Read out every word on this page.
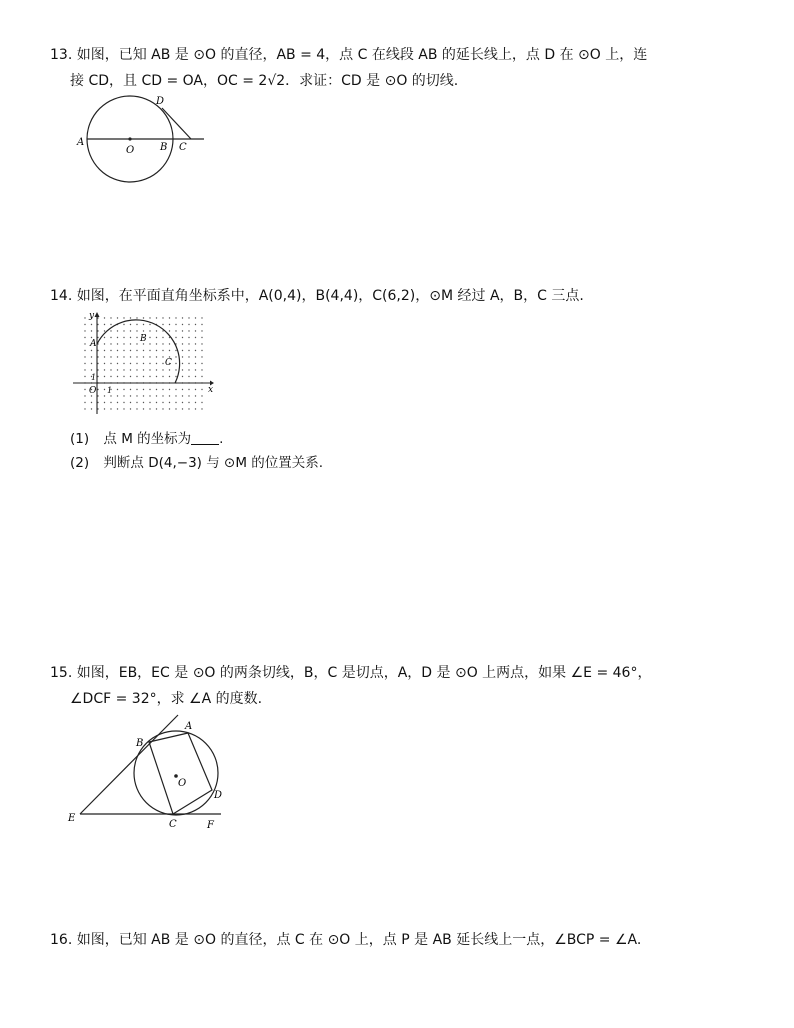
13. 如图，已知 AB 是 ⊙O 的直径，AB = 4，点 C 在线段 AB 的延长线上，点 D 在 ⊙O 上，连
接 CD，且 CD = OA，OC = 2√2．求证：CD 是 ⊙O 的切线.
A
O	B C
D
14. 如图，在平面直角坐标系中，A(0,4)，B(4,4)，C(6,2)，⊙M 经过 A，B，C 三点.
y
x
A	B
C
O 1
1
(1) 点 M 的坐标为 .
(2) 判断点 D(4,−3) 与 ⊙M 的位置关系.
15. 如图，EB，EC 是 ⊙O 的两条切线，B，C 是切点，A，D 是 ⊙O 上两点，如果 ∠E = 46°，
∠DCF = 32°，求 ∠A 的度数.
A
B
C
D
E
F
O
16. 如图，已知 AB 是 ⊙O 的直径，点 C 在 ⊙O 上，点 P 是 AB 延长线上一点，∠BCP = ∠A.
